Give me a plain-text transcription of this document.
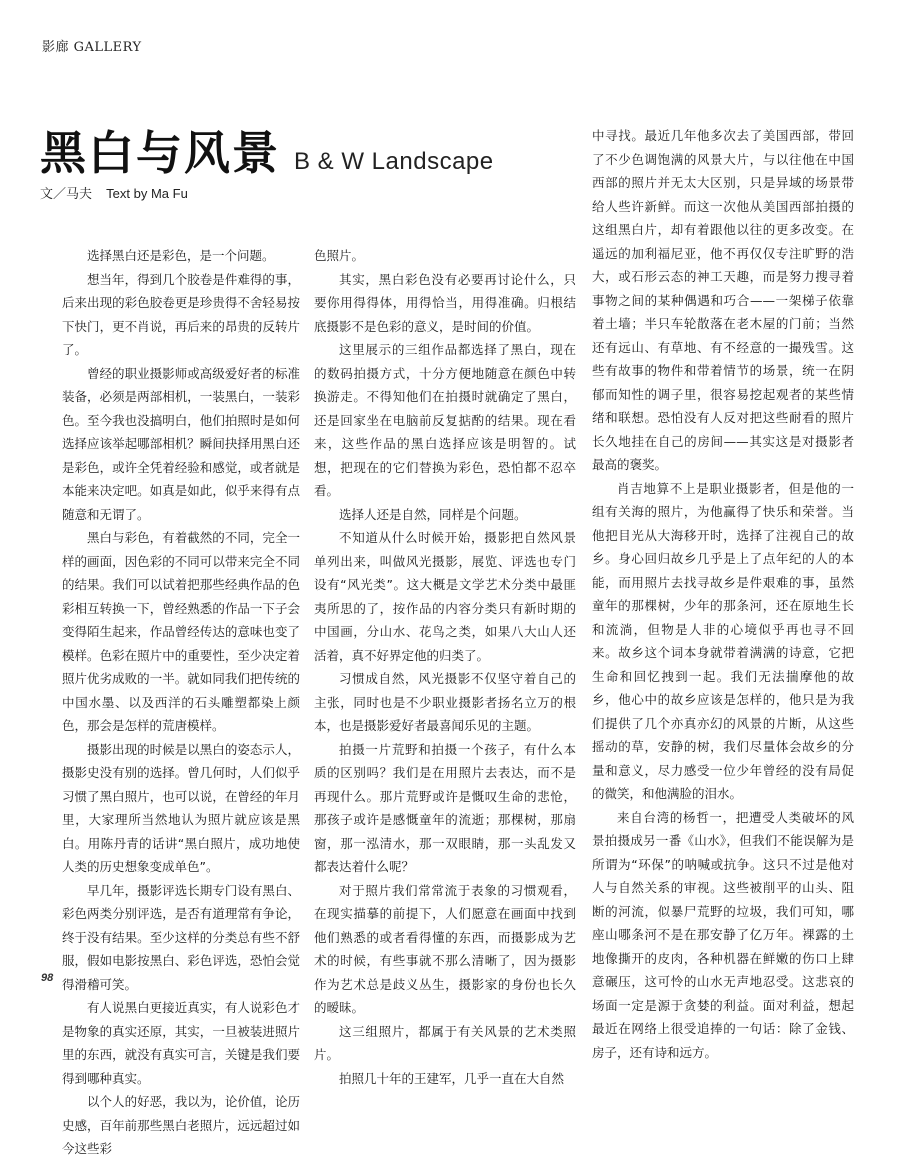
影廊 GALLERY
黑白与风景 B & W Landscape
文／马夫 Text by Ma Fu

选择黑白还是彩色，是一个问题。

想当年，得到几个胶卷是件难得的事，后来出现的彩色胶卷更是珍贵得不舍轻易按下快门，更不肖说，再后来的昂贵的反转片了。

曾经的职业摄影师或高级爱好者的标准装备，必须是两部相机，一装黑白，一装彩色。至今我也没搞明白，他们拍照时是如何选择应该举起哪部相机？瞬间抉择用黑白还是彩色，或许全凭着经验和感觉，或者就是本能来决定吧。如真是如此，似乎来得有点随意和无谓了。

黑白与彩色，有着截然的不同，完全一样的画面，因色彩的不同可以带来完全不同的结果。我们可以试着把那些经典作品的色彩相互转换一下，曾经熟悉的作品一下子会变得陌生起来，作品曾经传达的意味也变了模样。色彩在照片中的重要性，至少决定着照片优劣成败的一半。就如同我们把传统的中国水墨、以及西洋的石头雕塑都染上颜色，那会是怎样的荒唐模样。

摄影出现的时候是以黑白的姿态示人，摄影史没有别的选择。曾几何时，人们似乎习惯了黑白照片，也可以说，在曾经的年月里，大家理所当然地认为照片就应该是黑白。用陈丹青的话讲“黑白照片，成功地使人类的历史想象变成单色”。

早几年，摄影评选长期专门设有黑白、彩色两类分别评选，是否有道理常有争论，终于没有结果。至少这样的分类总有些不舒服，假如电影按黑白、彩色评选，恐怕会觉得滑稽可笑。

有人说黑白更接近真实，有人说彩色才是物象的真实还原，其实，一旦被装进照片里的东西，就没有真实可言，关键是我们要得到哪种真实。

以个人的好恶，我以为，论价值，论历史感，百年前那些黑白老照片，远远超过如今这些彩

色照片。

其实，黑白彩色没有必要再讨论什么，只要你用得得体，用得恰当，用得准确。归根结底摄影不是色彩的意义，是时间的价值。

这里展示的三组作品都选择了黑白，现在的数码拍摄方式，十分方便地随意在颜色中转换游走。不得知他们在拍摄时就确定了黑白，还是回家坐在电脑前反复掂酌的结果。现在看来，这些作品的黑白选择应该是明智的。试想，把现在的它们替换为彩色，恐怕都不忍卒看。

选择人还是自然，同样是个问题。

不知道从什么时候开始，摄影把自然风景单列出来，叫做风光摄影，展览、评选也专门设有“风光类”。这大概是文学艺术分类中最匪夷所思的了，按作品的内容分类只有新时期的中国画，分山水、花鸟之类，如果八大山人还活着，真不好界定他的归类了。

习惯成自然，风光摄影不仅坚守着自己的主张，同时也是不少职业摄影者扬名立万的根本，也是摄影爱好者最喜闻乐见的主题。

拍摄一片荒野和拍摄一个孩子，有什么本质的区别吗？我们是在用照片去表达，而不是再现什么。那片荒野或许是慨叹生命的悲怆，那孩子或许是感慨童年的流逝；那棵树，那扇窗，那一泓清水，那一双眼睛，那一头乱发又都表达着什么呢？

对于照片我们常常流于表象的习惯观看，在现实描摹的前提下，人们愿意在画面中找到他们熟悉的或者看得懂的东西，而摄影成为艺术的时候，有些事就不那么清晰了，因为摄影作为艺术总是歧义丛生，摄影家的身份也长久的暧昧。

这三组照片，都属于有关风景的艺术类照片。

拍照几十年的王建军，几乎一直在大自然

中寻找。最近几年他多次去了美国西部，带回了不少色调饱满的风景大片，与以往他在中国西部的照片并无太大区别，只是异域的场景带给人些许新鲜。而这一次他从美国西部拍摄的这组黑白片，却有着跟他以往的更多改变。在遥远的加利福尼亚，他不再仅仅专注旷野的浩大，或石形云态的神工天趣，而是努力搜寻着事物之间的某种偶遇和巧合——一架梯子依靠着土墙；半只车轮散落在老木屋的门前；当然还有远山、有草地、有不经意的一撮残雪。这些有故事的物件和带着情节的场景，统一在阴郁而知性的调子里，很容易挖起观者的某些情绪和联想。恐怕没有人反对把这些耐看的照片长久地挂在自己的房间——其实这是对摄影者最高的褒奖。

肖吉地算不上是职业摄影者，但是他的一组有关海的照片，为他赢得了快乐和荣誉。当他把目光从大海移开时，选择了注视自己的故乡。身心回归故乡几乎是上了点年纪的人的本能，而用照片去找寻故乡是件艰难的事，虽然童年的那棵树，少年的那条河，还在原地生长和流淌，但物是人非的心境似乎再也寻不回来。故乡这个词本身就带着满满的诗意，它把生命和回忆拽到一起。我们无法揣摩他的故乡，他心中的故乡应该是怎样的，他只是为我们提供了几个亦真亦幻的风景的片断，从这些摇动的草，安静的树，我们尽量体会故乡的分量和意义，尽力感受一位少年曾经的没有局促的微笑，和他满脸的泪水。

来自台湾的杨哲一，把遭受人类破坏的风景拍摄成另一番《山水》，但我们不能误解为是所谓为“环保”的呐喊或抗争。这只不过是他对人与自然关系的审视。这些被削平的山头、阻断的河流，似暴尸荒野的垃圾，我们可知，哪座山哪条河不是在那安静了亿万年。裸露的土地像撕开的皮肉，各种机器在鲜嫩的伤口上肆意碾压，这可怜的山水无声地忍受。这悲哀的场面一定是源于贪婪的利益。面对利益，想起最近在网络上很受追捧的一句话：除了金钱、房子，还有诗和远方。

98
